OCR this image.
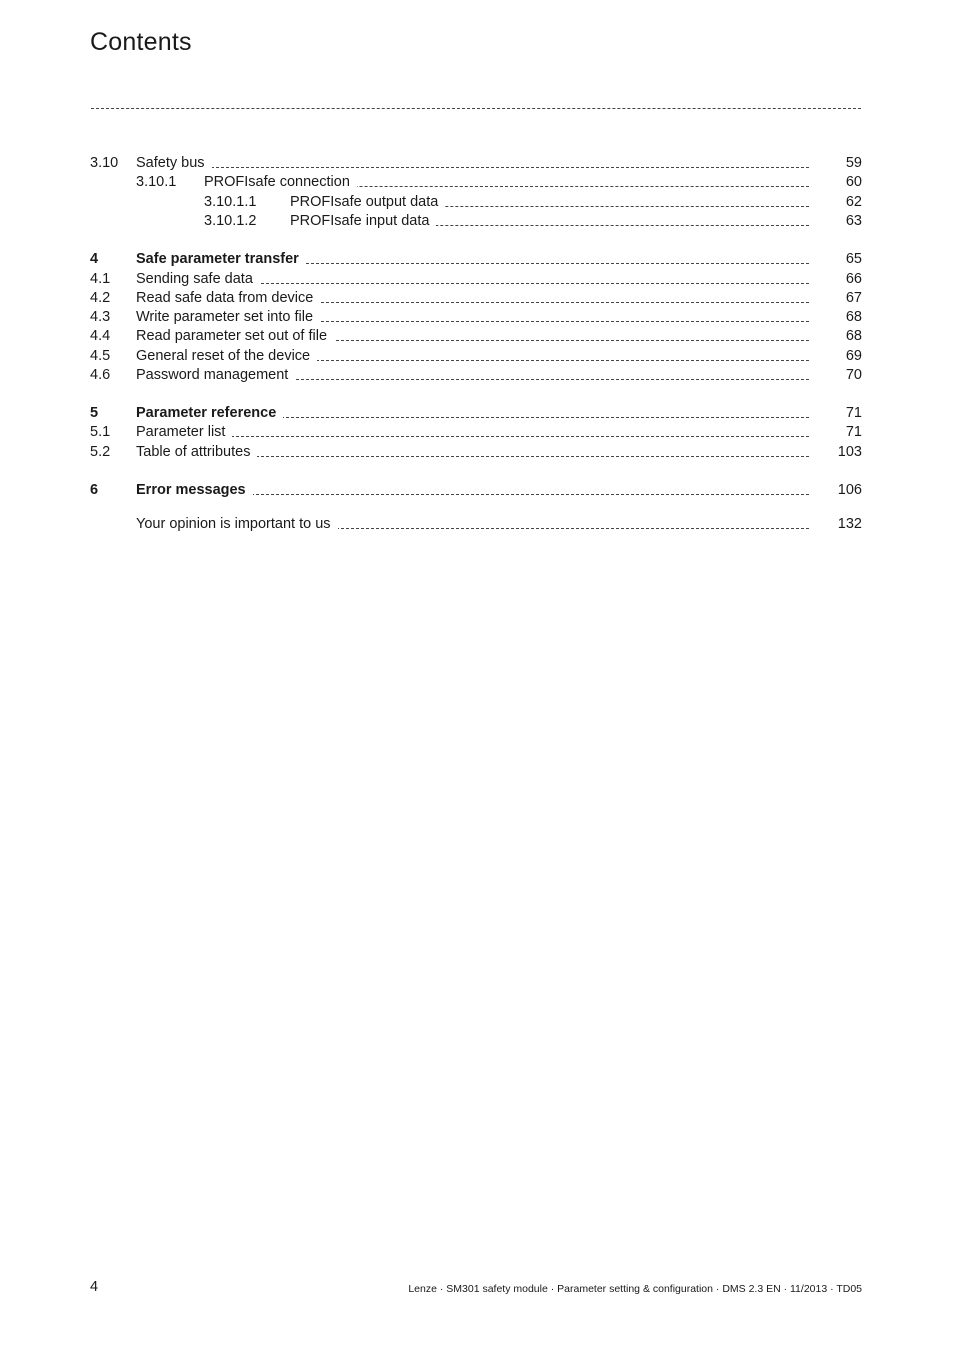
Contents
3.10 Safety bus	59
3.10.1 PROFIsafe connection	60
3.10.1.1 PROFIsafe output data	62
3.10.1.2 PROFIsafe input data	63
4	Safe parameter transfer	65
4.1 Sending safe data	66
4.2 Read safe data from device	67
4.3 Write parameter set into file	68
4.4 Read parameter set out of file	68
4.5 General reset of the device	69
4.6 Password management	70
5	Parameter reference	71
5.1 Parameter list	71
5.2 Table of attributes	103
6	Error messages	106
Your opinion is important to us	132
4	Lenze · SM301 safety module · Parameter setting & configuration · DMS 2.3 EN · 11/2013 · TD05
